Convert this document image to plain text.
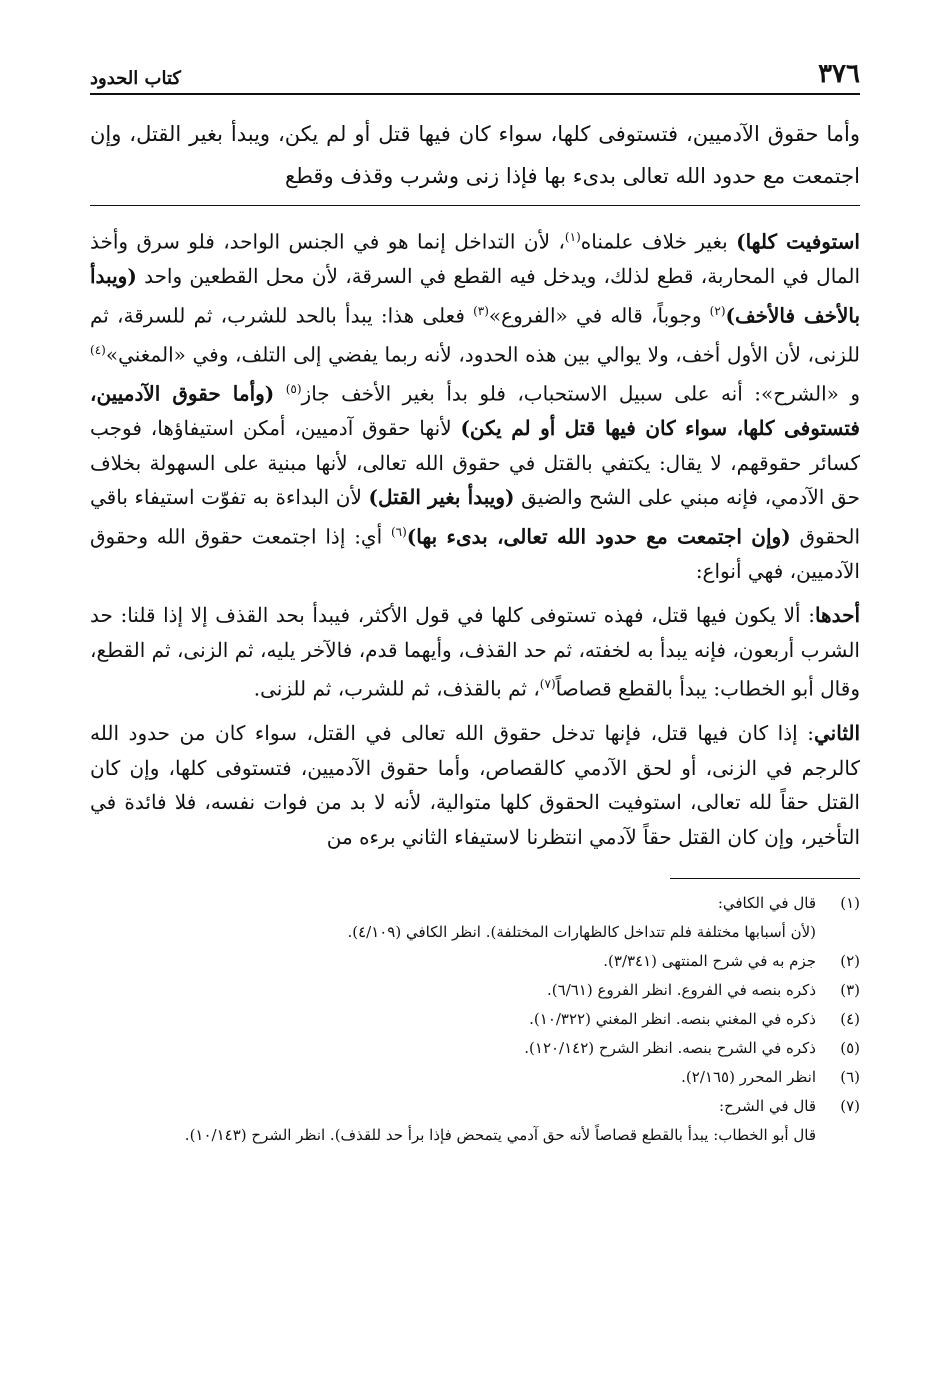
٣٧٦
كتاب الحدود
وأما حقوق الآدميين، فتستوفى كلها، سواء كان فيها قتل أو لم يكن، ويبدأ بغير القتل، وإن اجتمعت مع حدود الله تعالى بدىء بها فإذا زنى وشرب وقذف وقطع

استوفيت كلها) بغير خلاف علمناه$^{(١)}$، لأن التداخل إنما هو في الجنس الواحد، فلو سرق وأخذ المال في المحاربة، قطع لذلك، ويدخل فيه القطع في السرقة، لأن محل القطعين واحد (ويبدأ بالأخف فالأخف)$^{(٢)}$ وجوباً، قاله في «الفروع»$^{(٣)}$ فعلى هذا: يبدأ بالحد للشرب، ثم للسرقة، ثم للزنى، لأن الأول أخف، ولا يوالي بين هذه الحدود، لأنه ربما يفضي إلى التلف، وفي «المغني»$^{(٤)}$ و «الشرح»: أنه على سبيل الاستحباب، فلو بدأ بغير الأخف جاز$^{(٥)}$ (وأما حقوق الآدميين، فتستوفى كلها، سواء كان فيها قتل أو لم يكن) لأنها حقوق آدميين، أمكن استيفاؤها، فوجب كسائر حقوقهم، لا يقال: يكتفي بالقتل في حقوق الله تعالى، لأنها مبنية على السهولة بخلاف حق الآدمي، فإنه مبني على الشح والضيق (ويبدأ بغير القتل) لأن البداءة به تفوّت استيفاء باقي الحقوق (وإن اجتمعت مع حدود الله تعالى، بدىء بها)$^{(٦)}$ أي: إذا اجتمعت حقوق الله وحقوق الآدميين، فهي أنواع:

أحدها: ألا يكون فيها قتل، فهذه تستوفى كلها في قول الأكثر، فيبدأ بحد القذف إلا إذا قلنا: حد الشرب أربعون، فإنه يبدأ به لخفته، ثم حد القذف، وأيهما قدم، فالآخر يليه، ثم الزنى، ثم القطع، وقال أبو الخطاب: يبدأ بالقطع قصاصاً$^{(٧)}$، ثم بالقذف، ثم للشرب، ثم للزنى.

الثاني: إذا كان فيها قتل، فإنها تدخل حقوق الله تعالى في القتل، سواء كان من حدود الله كالرجم في الزنى، أو لحق الآدمي كالقصاص، وأما حقوق الآدميين، فتستوفى كلها، وإن كان القتل حقاً لله تعالى، استوفيت الحقوق كلها متوالية، لأنه لا بد من فوات نفسه، فلا فائدة في التأخير، وإن كان القتل حقاً لآدمي انتظرنا لاستيفاء الثاني برءه من

(١)
قال في الكافي:
(لأن أسبابها مختلفة فلم تتداخل كالظهارات المختلفة). انظر الكافي (٤/١٠٩).
(٢)
جزم به في شرح المنتهى (٣/٣٤١).
(٣)
ذكره بنصه في الفروع. انظر الفروع (٦/٦١).
(٤)
ذكره في المغني بنصه. انظر المغني (١٠/٣٢٢).
(٥)
ذكره في الشرح بنصه. انظر الشرح (١٢٠/١٤٢).
(٦)
انظر المحرر (٢/١٦٥).
(٧)
قال في الشرح:
قال أبو الخطاب: يبدأ بالقطع قصاصاً لأنه حق آدمي يتمحض فإذا برأ حد للقذف). انظر الشرح (١٠/١٤٣).
